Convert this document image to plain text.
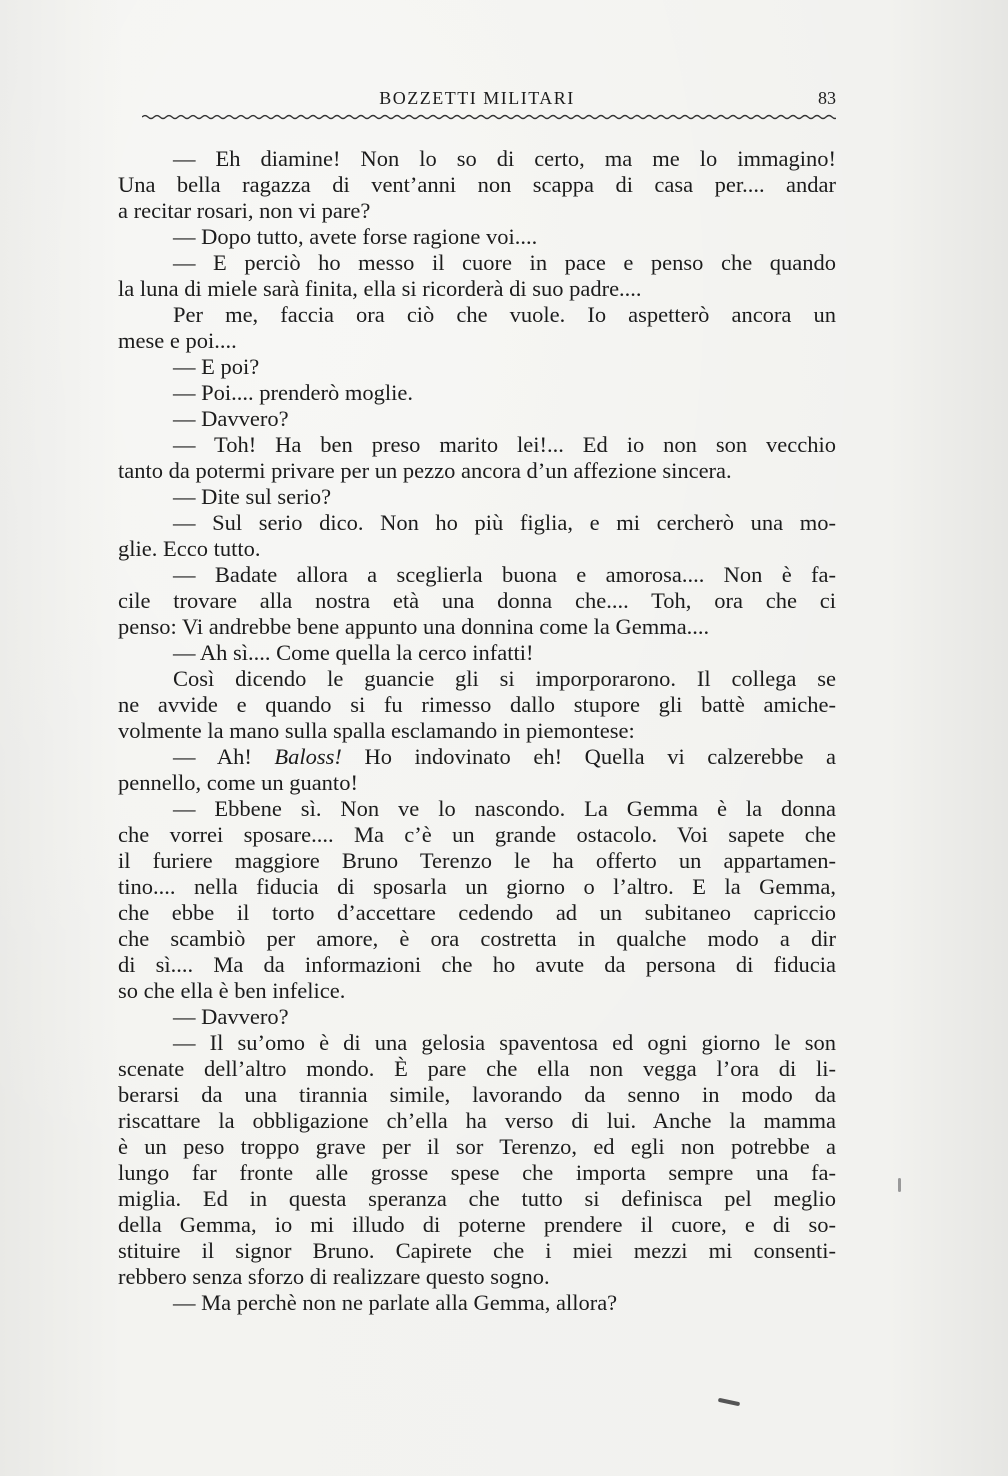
BOZZETTI MILITARI	83
— Eh diamine! Non lo so di certo, ma me lo immagino!
Una bella ragazza di vent’anni non scappa di casa per.... andar
a recitar rosari, non vi pare?
— Dopo tutto, avete forse ragione voi....
— E perciò ho messo il cuore in pace e penso che quando
la luna di miele sarà finita, ella si ricorderà di suo padre....
Per me, faccia ora ciò che vuole. Io aspetterò ancora un
mese e poi....
— E poi?
— Poi.... prenderò moglie.
— Davvero?
— Toh! Ha ben preso marito lei!... Ed io non son vecchio
tanto da potermi privare per un pezzo ancora d’un affezione sincera.
— Dite sul serio?
— Sul serio dico. Non ho più figlia, e mi cercherò una mo-
glie. Ecco tutto.
— Badate allora a sceglierla buona e amorosa.... Non è fa-
cile trovare alla nostra età una donna che.... Toh, ora che ci
penso: Vi andrebbe bene appunto una donnina come la Gemma....
— Ah sì.... Come quella la cerco infatti!
Così dicendo le guancie gli si imporporarono. Il collega se
ne avvide e quando si fu rimesso dallo stupore gli battè amiche-
volmente la mano sulla spalla esclamando in piemontese:
— Ah! Baloss! Ho indovinato eh! Quella vi calzerebbe a
pennello, come un guanto!
— Ebbene sì. Non ve lo nascondo. La Gemma è la donna
che vorrei sposare.... Ma c’è un grande ostacolo. Voi sapete che
il furiere maggiore Bruno Terenzo le ha offerto un appartamen-
tino.... nella fiducia di sposarla un giorno o l’altro. E la Gemma,
che ebbe il torto d’accettare cedendo ad un subitaneo capriccio
che scambiò per amore, è ora costretta in qualche modo a dir
di sì.... Ma da informazioni che ho avute da persona di fiducia
so che ella è ben infelice.
— Davvero?
— Il su’omo è di una gelosia spaventosa ed ogni giorno le son
scenate dell’altro mondo. È pare che ella non vegga l’ora di li-
berarsi da una tirannia simile, lavorando da senno in modo da
riscattare la obbligazione ch’ella ha verso di lui. Anche la mamma
è un peso troppo grave per il sor Terenzo, ed egli non potrebbe a
lungo far fronte alle grosse spese che importa sempre una fa-
miglia. Ed in questa speranza che tutto si definisca pel meglio
della Gemma, io mi illudo di poterne prendere il cuore, e di so-
stituire il signor Bruno. Capirete che i miei mezzi mi consenti-
rebbero senza sforzo di realizzare questo sogno.
— Ma perchè non ne parlate alla Gemma, allora?
